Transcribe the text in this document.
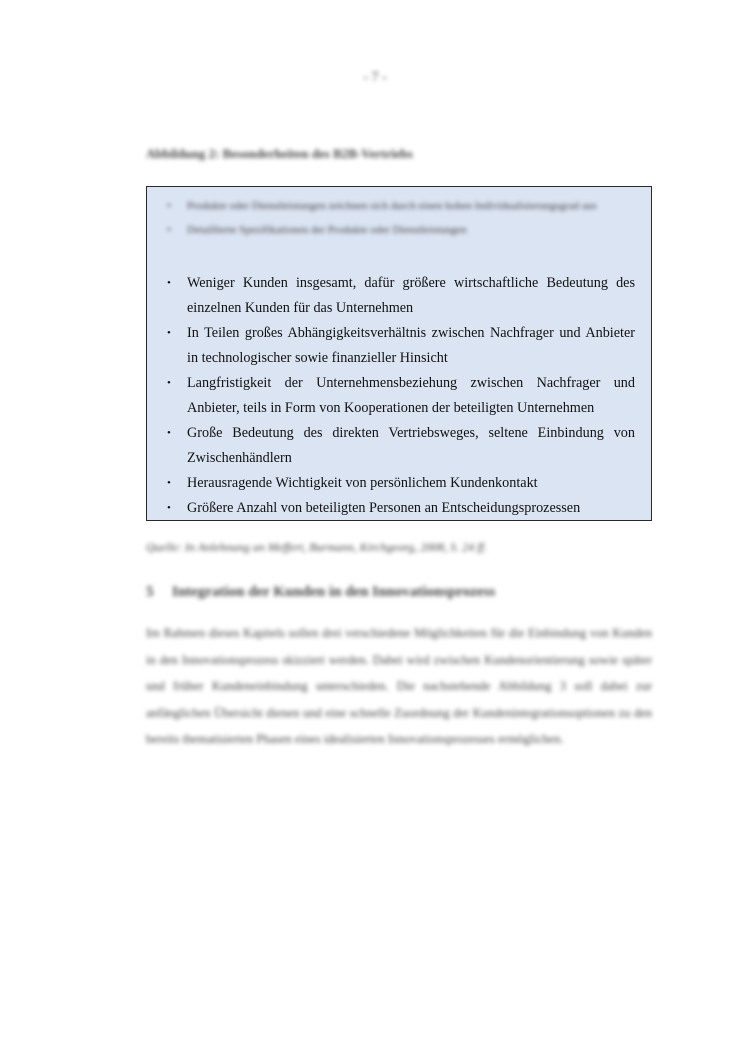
- 7 -
Abbildung 2: Besonderheiten des B2B-Vertriebs
• Produkte oder Dienstleistungen zeichnen sich durch einen hohen Individualisierungsgrad aus
• Detaillierte Spezifikationen der Produkte oder Dienstleistungen
• Weniger Kunden insgesamt, dafür größere wirtschaftliche Bedeutung des einzelnen Kunden für das Unternehmen
• In Teilen großes Abhängigkeitsverhältnis zwischen Nachfrager und Anbieter in technologischer sowie finanzieller Hinsicht
• Langfristigkeit der Unternehmensbeziehung zwischen Nachfrager und Anbieter, teils in Form von Kooperationen der beteiligten Unternehmen
• Große Bedeutung des direkten Vertriebsweges, seltene Einbindung von Zwischenhändlern
• Herausragende Wichtigkeit von persönlichem Kundenkontakt
• Größere Anzahl von beteiligten Personen an Entscheidungsprozessen
Quelle: In Anlehnung an Meffert, Burmann, Kirchgeorg, 2008, S. 24 ff.
5 Integration der Kunden in den Innovationsprozess
Im Rahmen dieses Kapitels sollen drei verschiedene Möglichkeiten für die Einbindung von Kunden in den Innovationsprozess skizziert werden. Dabei wird zwischen Kundenorientierung sowie später und früher Kundeneinbindung unterschieden. Die nachstehende Abbildung 3 soll dabei zur anfänglichen Übersicht dienen und eine schnelle Zuordnung der Kundenintegrationsoptionen zu den bereits thematisierten Phasen eines idealisierten Innovationsprozesses ermöglichen.
